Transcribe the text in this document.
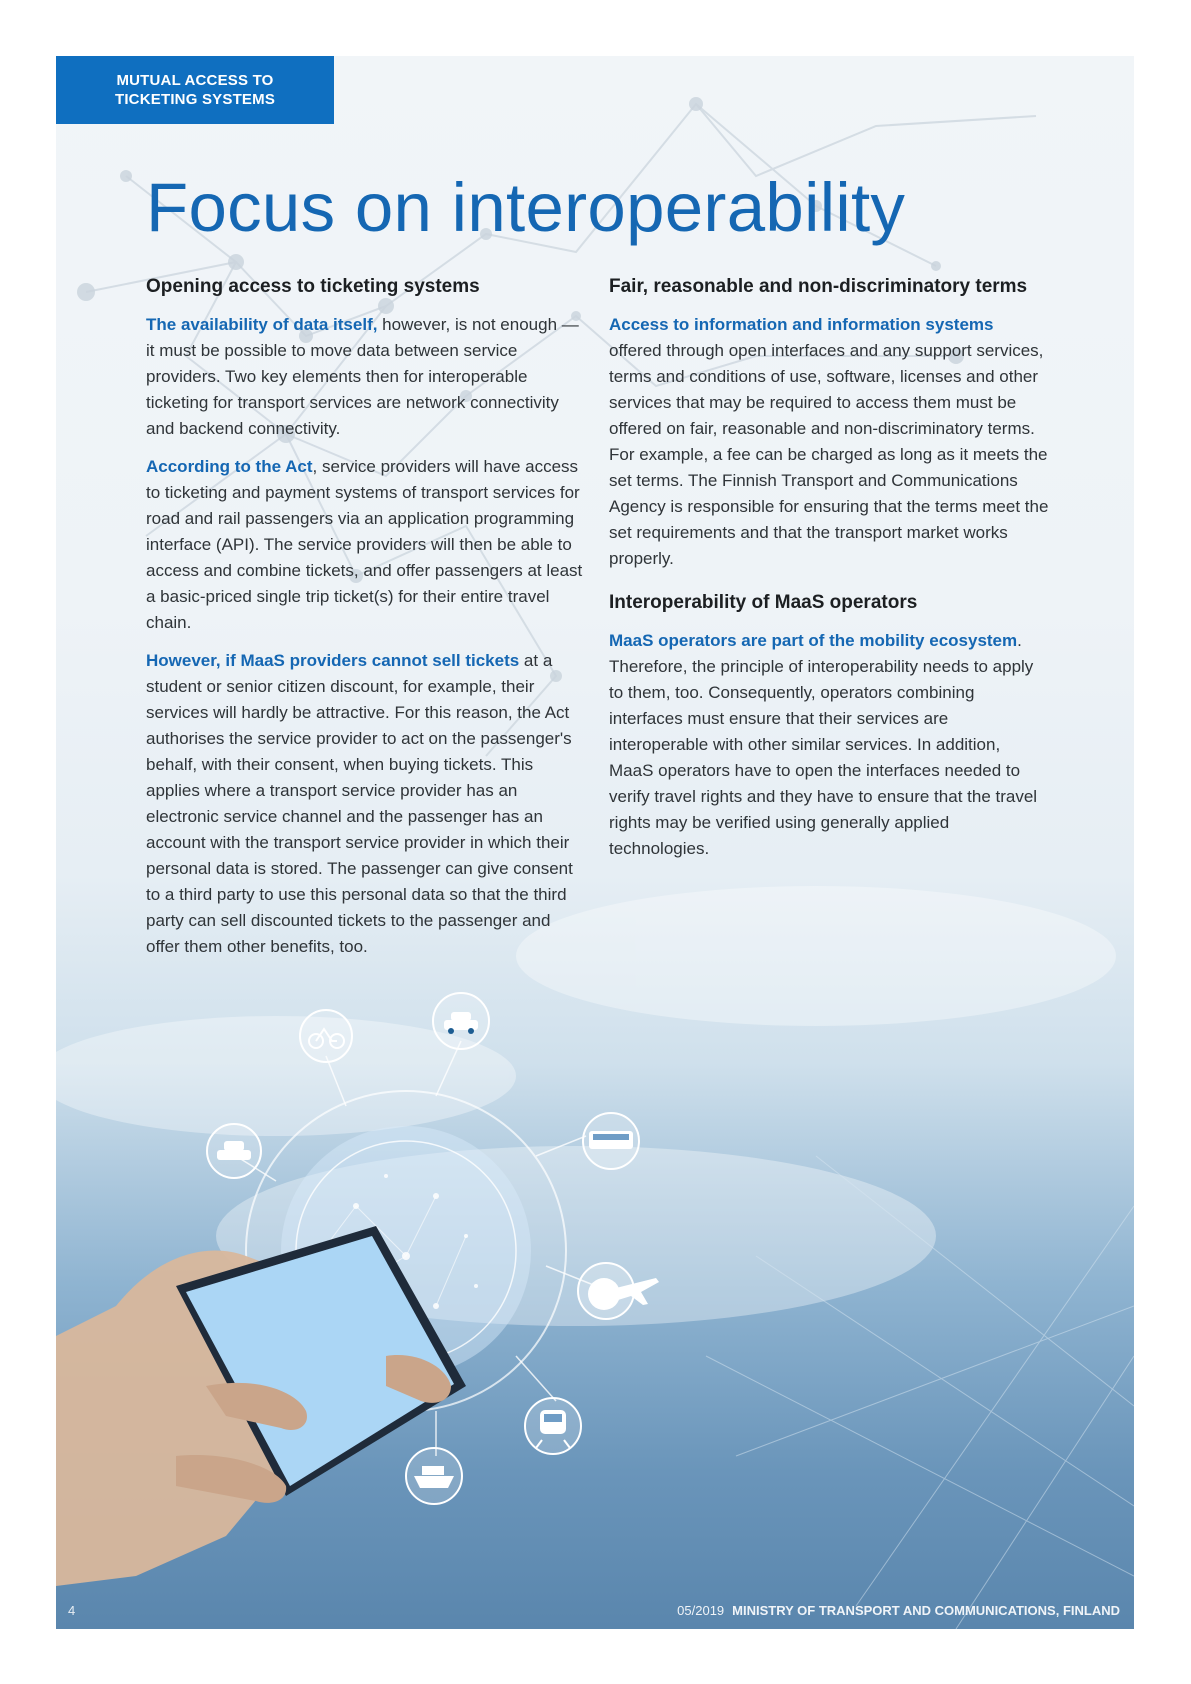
MUTUAL ACCESS TO
TICKETING SYSTEMS
Focus on interoperability
Opening access to ticketing systems

The availability of data itself, however, is not enough — it must be possible to move data between service providers. Two key elements then for interoperable ticketing for transport services are network connectivity and backend connectivity.

According to the Act, service providers will have access to ticketing and payment systems of transport services for road and rail passengers via an application programming interface (API). The service providers will then be able to access and combine tickets, and offer passengers at least a basic-priced single trip ticket(s) for their entire travel chain.

However, if MaaS providers cannot sell tickets at a student or senior citizen discount, for example, their services will hardly be attractive. For this reason, the Act authorises the service provider to act on the passenger's behalf, with their consent, when buying tickets. This applies where a transport service provider has an electronic service channel and the passenger has an account with the transport service provider in which their personal data is stored. The passenger can give consent to a third party to use this personal data so that the third party can sell discounted tickets to the passenger and offer them other benefits, too.

Fair, reasonable and non-discriminatory terms

Access to information and information systems offered through open interfaces and any support services, terms and conditions of use, software, licenses and other services that may be required to access them must be offered on fair, reasonable and non-discriminatory terms. For example, a fee can be charged as long as it meets the set terms. The Finnish Transport and Communications Agency is responsible for ensuring that the terms meet the set requirements and that the transport market works properly.

Interoperability of MaaS operators

MaaS operators are part of the mobility ecosystem. Therefore, the principle of interoperability needs to apply to them, too. Consequently, operators combining interfaces must ensure that their services are interoperable with other similar services. In addition, MaaS operators have to open the interfaces needed to verify travel rights and they have to ensure that the travel rights may be verified using generally applied technologies.

4	05/2019 MINISTRY OF TRANSPORT AND COMMUNICATIONS, FINLAND
